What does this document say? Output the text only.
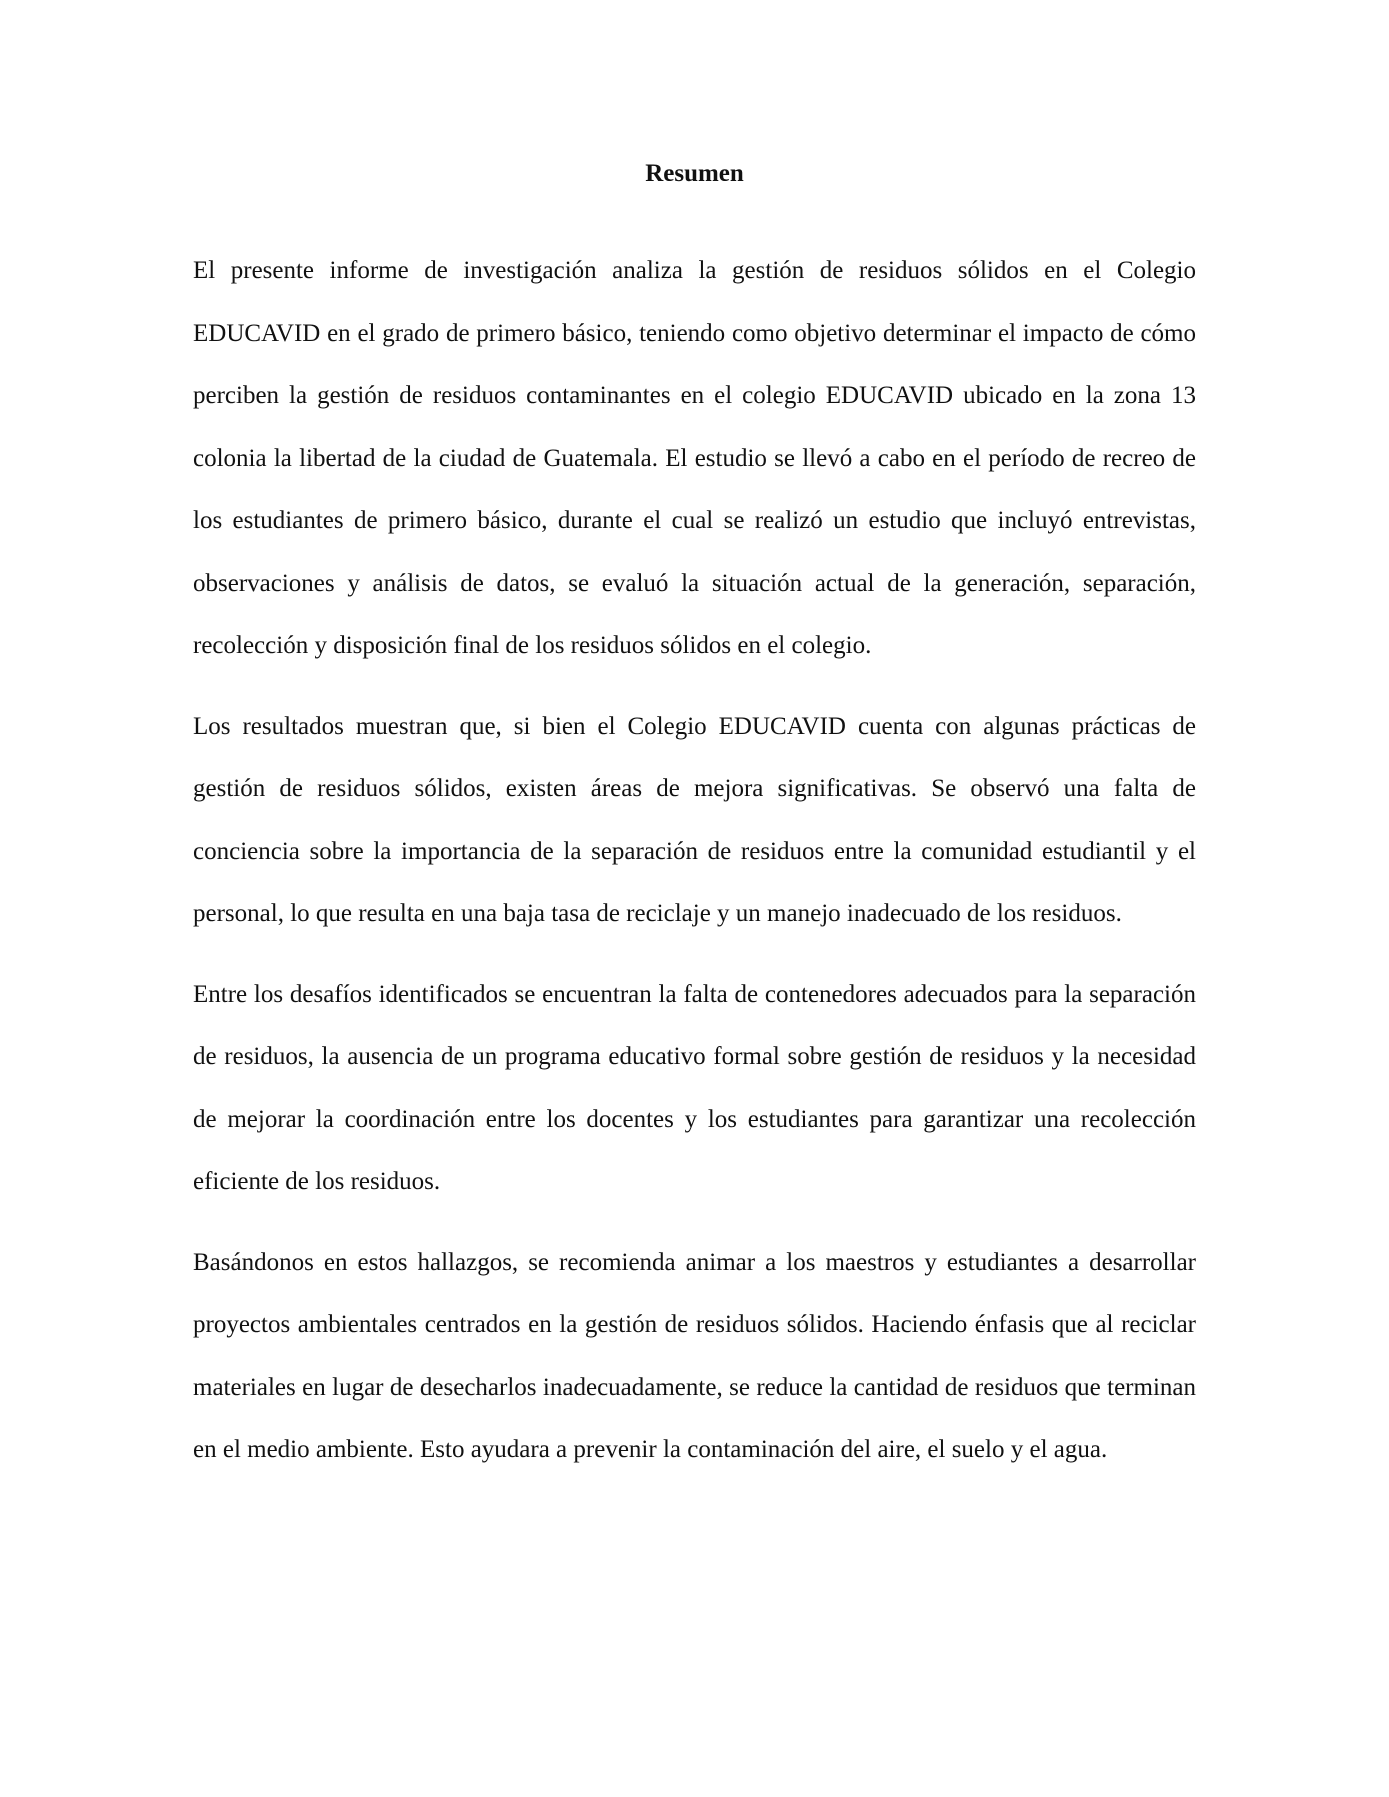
Resumen

El presente informe de investigación analiza la gestión de residuos sólidos en el Colegio EDUCAVID en el grado de primero básico, teniendo como objetivo determinar el impacto de cómo perciben la gestión de residuos contaminantes en el colegio EDUCAVID ubicado en la zona 13 colonia la libertad de la ciudad de Guatemala. El estudio se llevó a cabo en el período de recreo de los estudiantes de primero básico, durante el cual se realizó un estudio que incluyó entrevistas, observaciones y análisis de datos, se evaluó la situación actual de la generación, separación, recolección y disposición final de los residuos sólidos en el colegio.

Los resultados muestran que, si bien el Colegio EDUCAVID cuenta con algunas prácticas de gestión de residuos sólidos, existen áreas de mejora significativas. Se observó una falta de conciencia sobre la importancia de la separación de residuos entre la comunidad estudiantil y el personal, lo que resulta en una baja tasa de reciclaje y un manejo inadecuado de los residuos.

Entre los desafíos identificados se encuentran la falta de contenedores adecuados para la separación de residuos, la ausencia de un programa educativo formal sobre gestión de residuos y la necesidad de mejorar la coordinación entre los docentes y los estudiantes para garantizar una recolección eficiente de los residuos.

Basándonos en estos hallazgos, se recomienda animar a los maestros y estudiantes a desarrollar proyectos ambientales centrados en la gestión de residuos sólidos. Haciendo énfasis que al reciclar materiales en lugar de desecharlos inadecuadamente, se reduce la cantidad de residuos que terminan en el medio ambiente. Esto ayudara a prevenir la contaminación del aire, el suelo y el agua.
